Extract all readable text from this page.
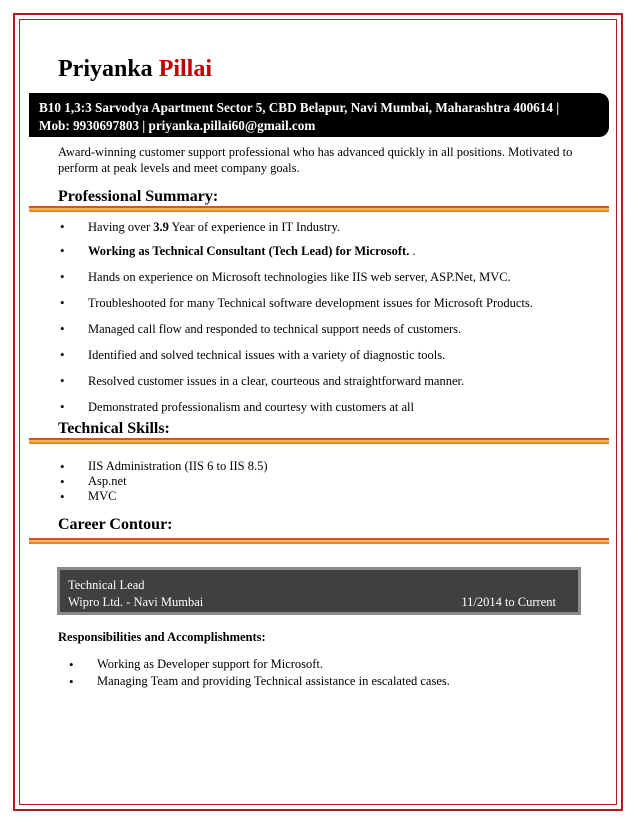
Priyanka Pillai
B10 1,3:3 Sarvodya Apartment Sector 5, CBD Belapur, Navi Mumbai, Maharashtra 400614 |
Mob: 9930697803 | priyanka.pillai60@gmail.com
Award-winning customer support professional who has advanced quickly in all positions. Motivated to perform at peak levels and meet company goals.
Professional Summary:
• Having over 3.9 Year of experience in IT Industry.
• Working as Technical Consultant (Tech Lead) for Microsoft. .
• Hands on experience on Microsoft technologies like IIS web server, ASP.Net, MVC.
• Troubleshooted for many Technical software development issues for Microsoft Products.
• Managed call flow and responded to technical support needs of customers.
• Identified and solved technical issues with a variety of diagnostic tools.
• Resolved customer issues in a clear, courteous and straightforward manner.
• Demonstrated professionalism and courtesy with customers at all
Technical Skills:
• IIS Administration (IIS 6 to IIS 8.5)
• Asp.net
• MVC
Career Contour:
Technical Lead
Wipro Ltd. - Navi Mumbai	11/2014 to Current
Responsibilities and Accomplishments:
• Working as Developer support for Microsoft.
• Managing Team and providing Technical assistance in escalated cases.
